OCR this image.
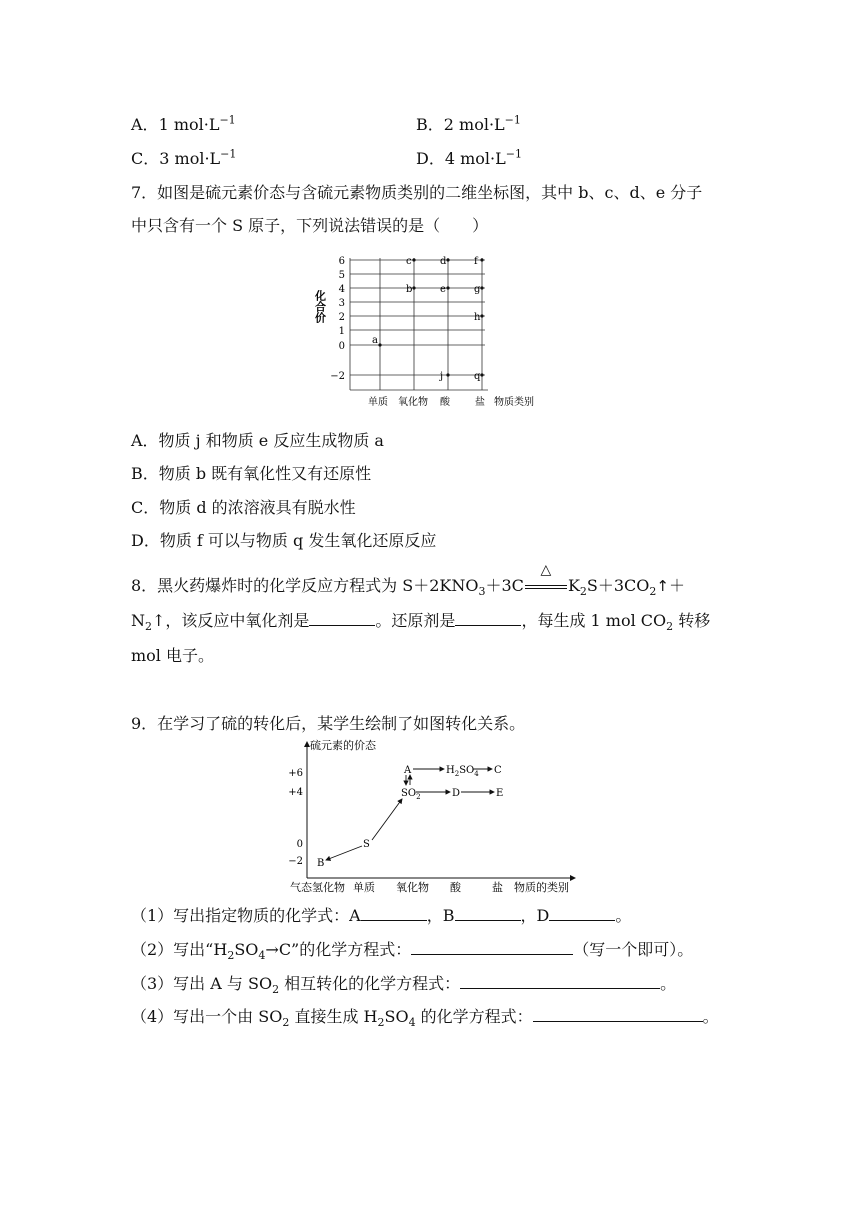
A．1 $mol\cdot L^{-1}$	B．2 $mol\cdot L^{-1}$
C．3 $mol\cdot L^{-1}$	D．4 $mol\cdot L^{-1}$
7．如图是硫元素价态与含硫元素物质类别的二维坐标图，其中 b、c、d、e 分子
中只含有一个 S 原子，下列说法错误的是（　　）
化合价
6
5
4
3
2
1
0
−2
单质 氧化物 酸	盐 物质类别
a
b
c	d
e
j
f
g
h
q
A．物质 j 和物质 e 反应生成物质 a
B．物质 b 既有氧化性又有还原性
C．物质 d 的浓溶液具有脱水性
D．物质 f 可以与物质 q 发生氧化还原反应
8．黑火药爆炸时的化学反应方程式为 $S+2KNO_3+3C$
△
$K_2S+3CO_2↑+$
$N_2↑$，该反应中氧化剂是	。还原剂是	，每生成 1 mol $CO_2$ 转移
mol 电子。
9．在学习了硫的转化后，某学生绘制了如图转化关系。
硫元素的价态
+6
+4
0
−2
气态氢化物 单质 氧化物 酸	盐 物质的类别
A
$SO_2$
$H_2SO_4$ C
D	E
S
B
（1）写出指定物质的化学式：A	，B	，D	。
（2）写出“$H_2SO_4\to C$”的化学方程式：	（写一个即可）。
（3）写出 A 与 $SO_2$ 相互转化的化学方程式：	。
（4）写出一个由 $SO_2$ 直接生成 $H_2SO_4$ 的化学方程式：	。
